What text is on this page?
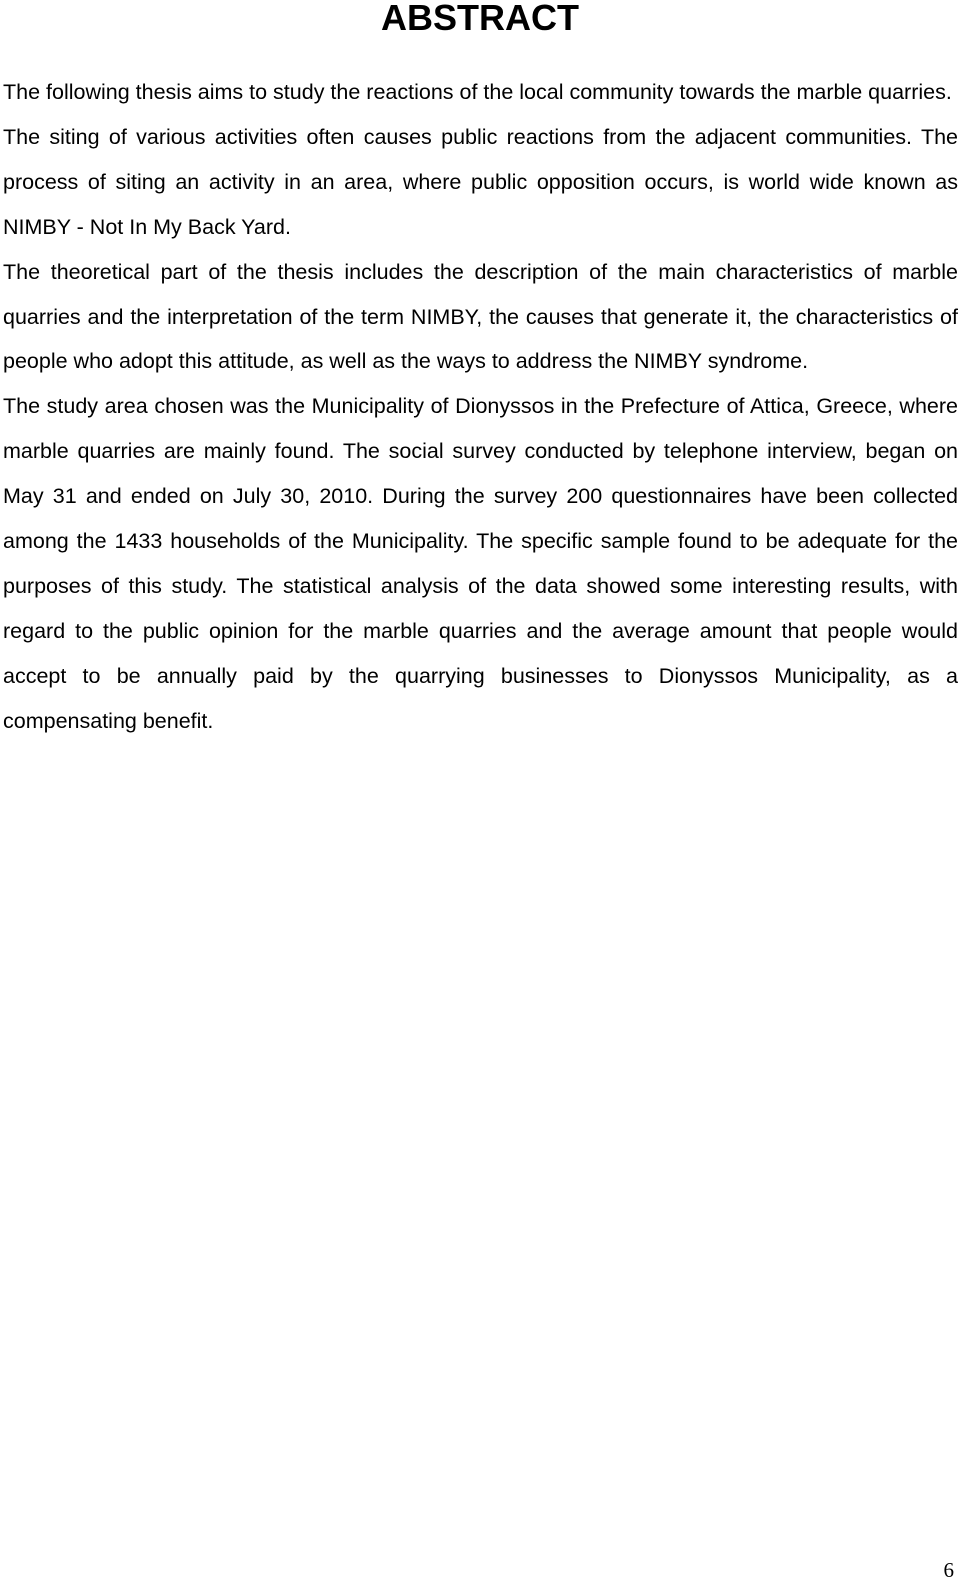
ABSTRACT

The following thesis aims to study the reactions of the local community towards the marble quarries.

The siting of various activities often causes public reactions from the adjacent communities. The process of siting an activity in an area, where public opposition occurs, is world wide known as NIMBY - Not In My Back Yard.

The theoretical part of the thesis includes the description of the main characteristics of marble quarries and the interpretation of the term NIMBY, the causes that generate it, the characteristics of people who adopt this attitude, as well as the ways to address the NIMBY syndrome.

The study area chosen was the Municipality of Dionyssos in the Prefecture of Attica, Greece, where marble quarries are mainly found. The social survey conducted by telephone interview, began on May 31 and ended on July 30, 2010. During the survey 200 questionnaires have been collected among the 1433 households of the Municipality. The specific sample found to be adequate for the purposes of this study. The statistical analysis of the data showed some interesting results, with regard to the public opinion for the marble quarries and the average amount that people would accept to be annually paid by the quarrying businesses to Dionyssos Municipality, as a compensating benefit.

6
